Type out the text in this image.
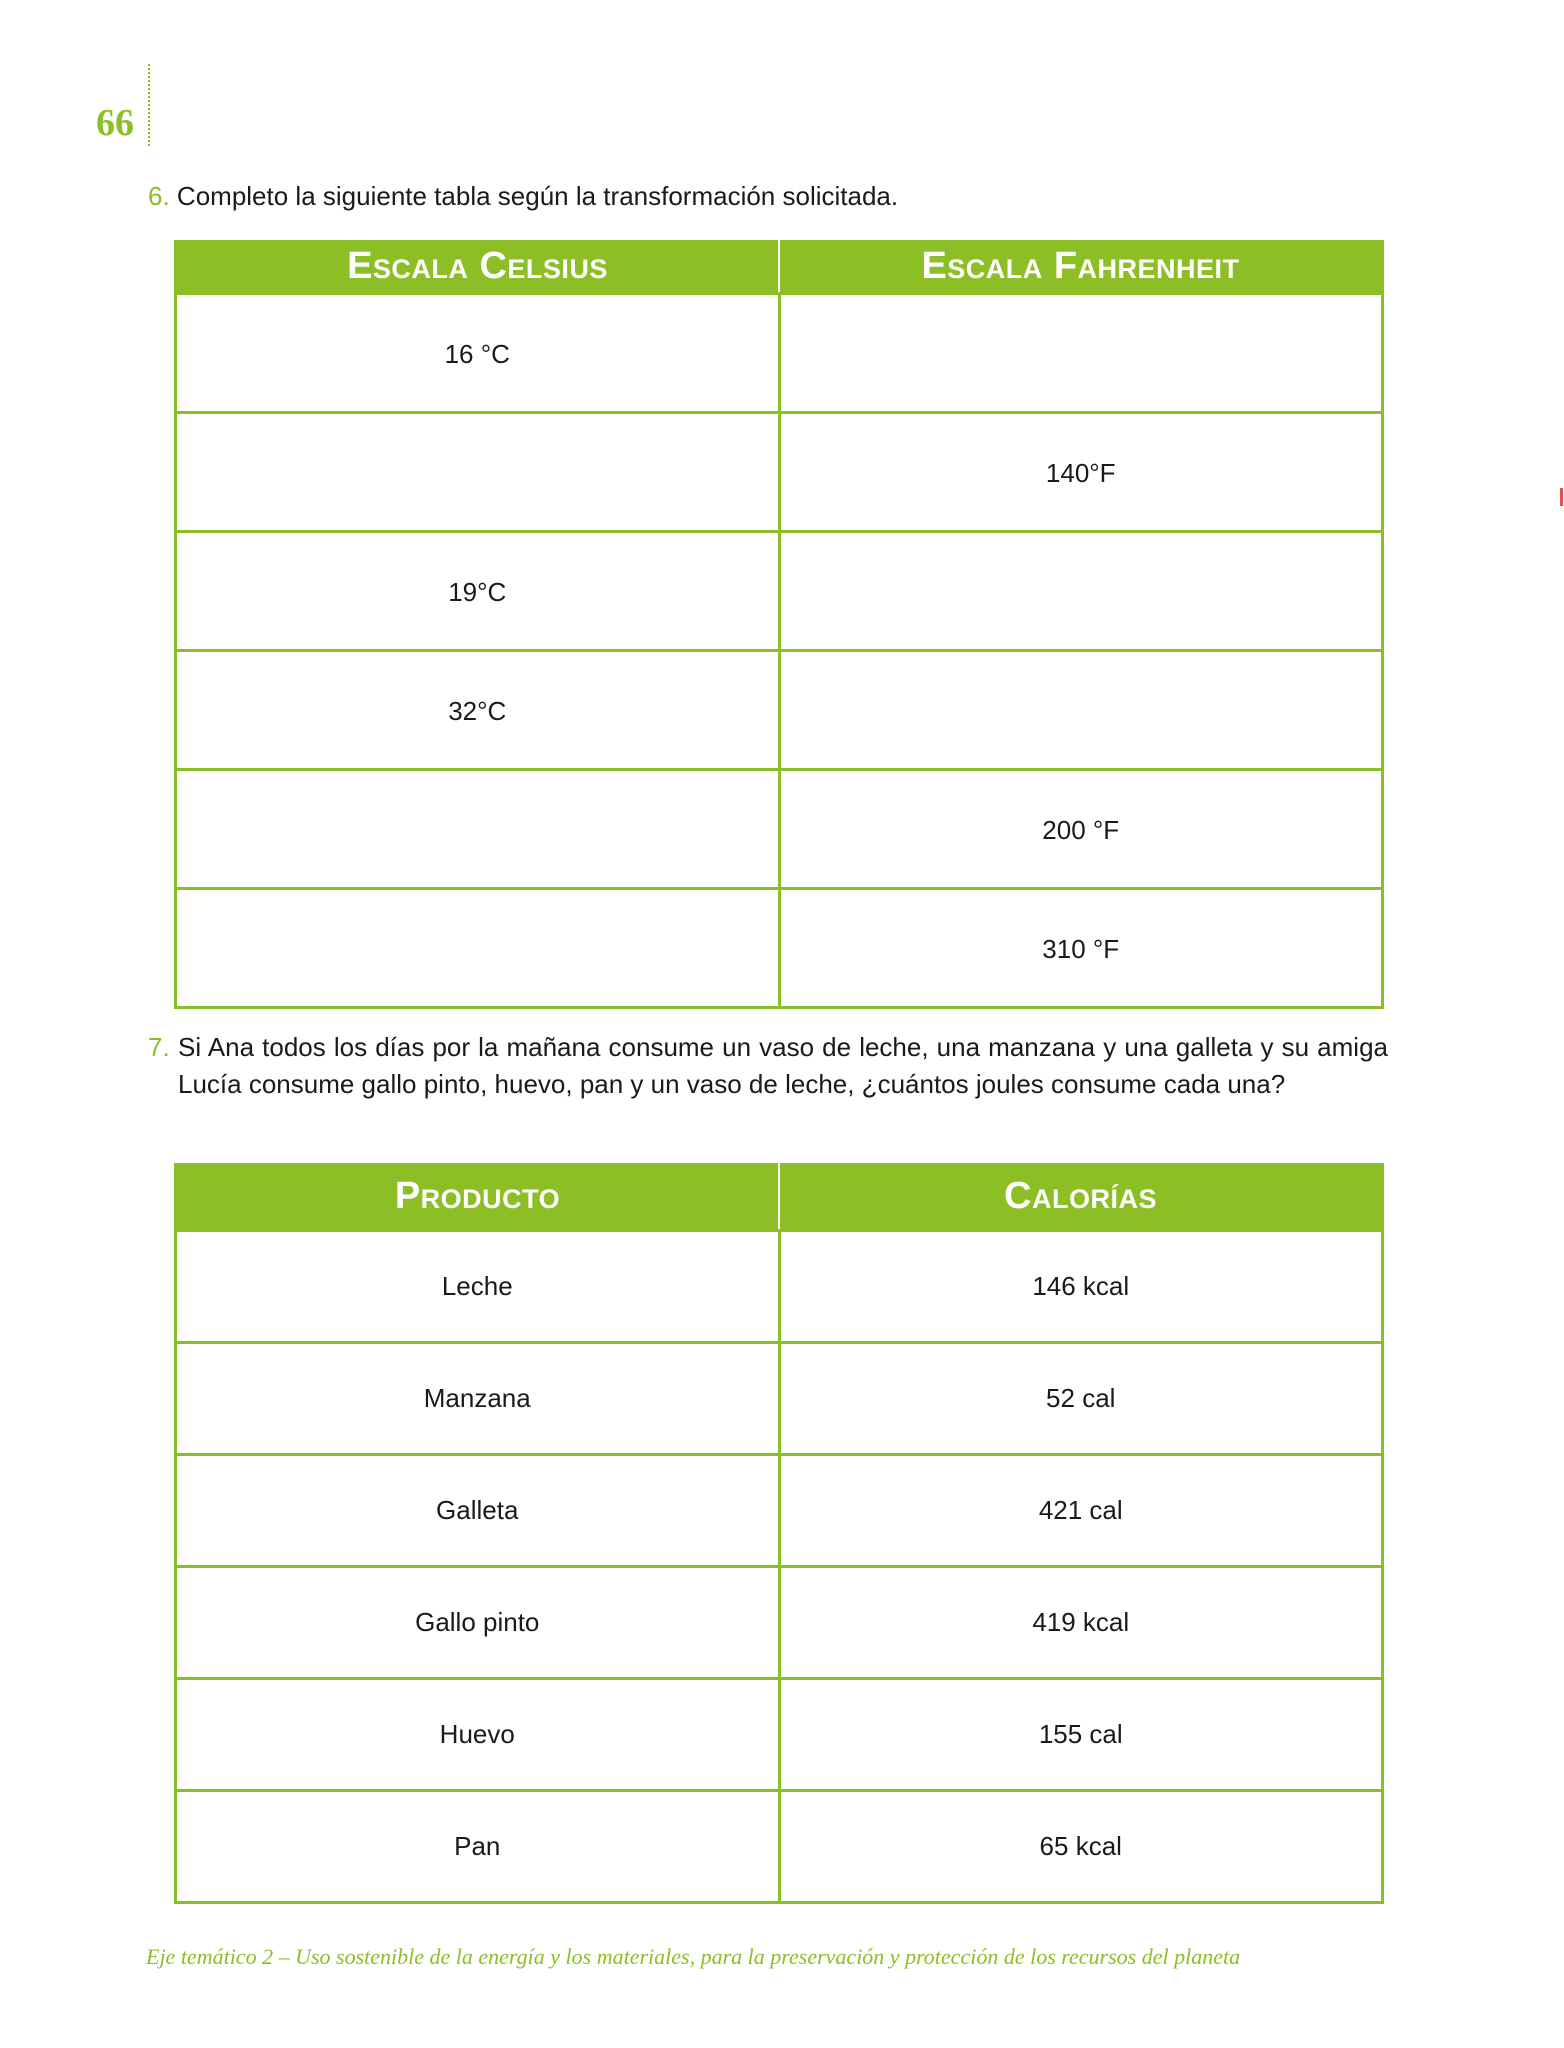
66
6. Completo la siguiente tabla según la transformación solicitada.
Escala Celsius	Escala Fahrenheit
16 °C	
	140°F
19°C	
32°C	
	200 °F
	310 °F
7. Si Ana todos los días por la mañana consume un vaso de leche, una manzana y una galleta y su amiga Lucía consume gallo pinto, huevo, pan y un vaso de leche, ¿cuántos joules consume cada una?
Producto	Calorías
Leche	146 kcal
Manzana	52 cal
Galleta	421 cal
Gallo pinto	419 kcal
Huevo	155 cal
Pan	65 kcal
Eje temático 2 – Uso sostenible de la energía y los materiales, para la preservación y protección de los recursos del planeta
